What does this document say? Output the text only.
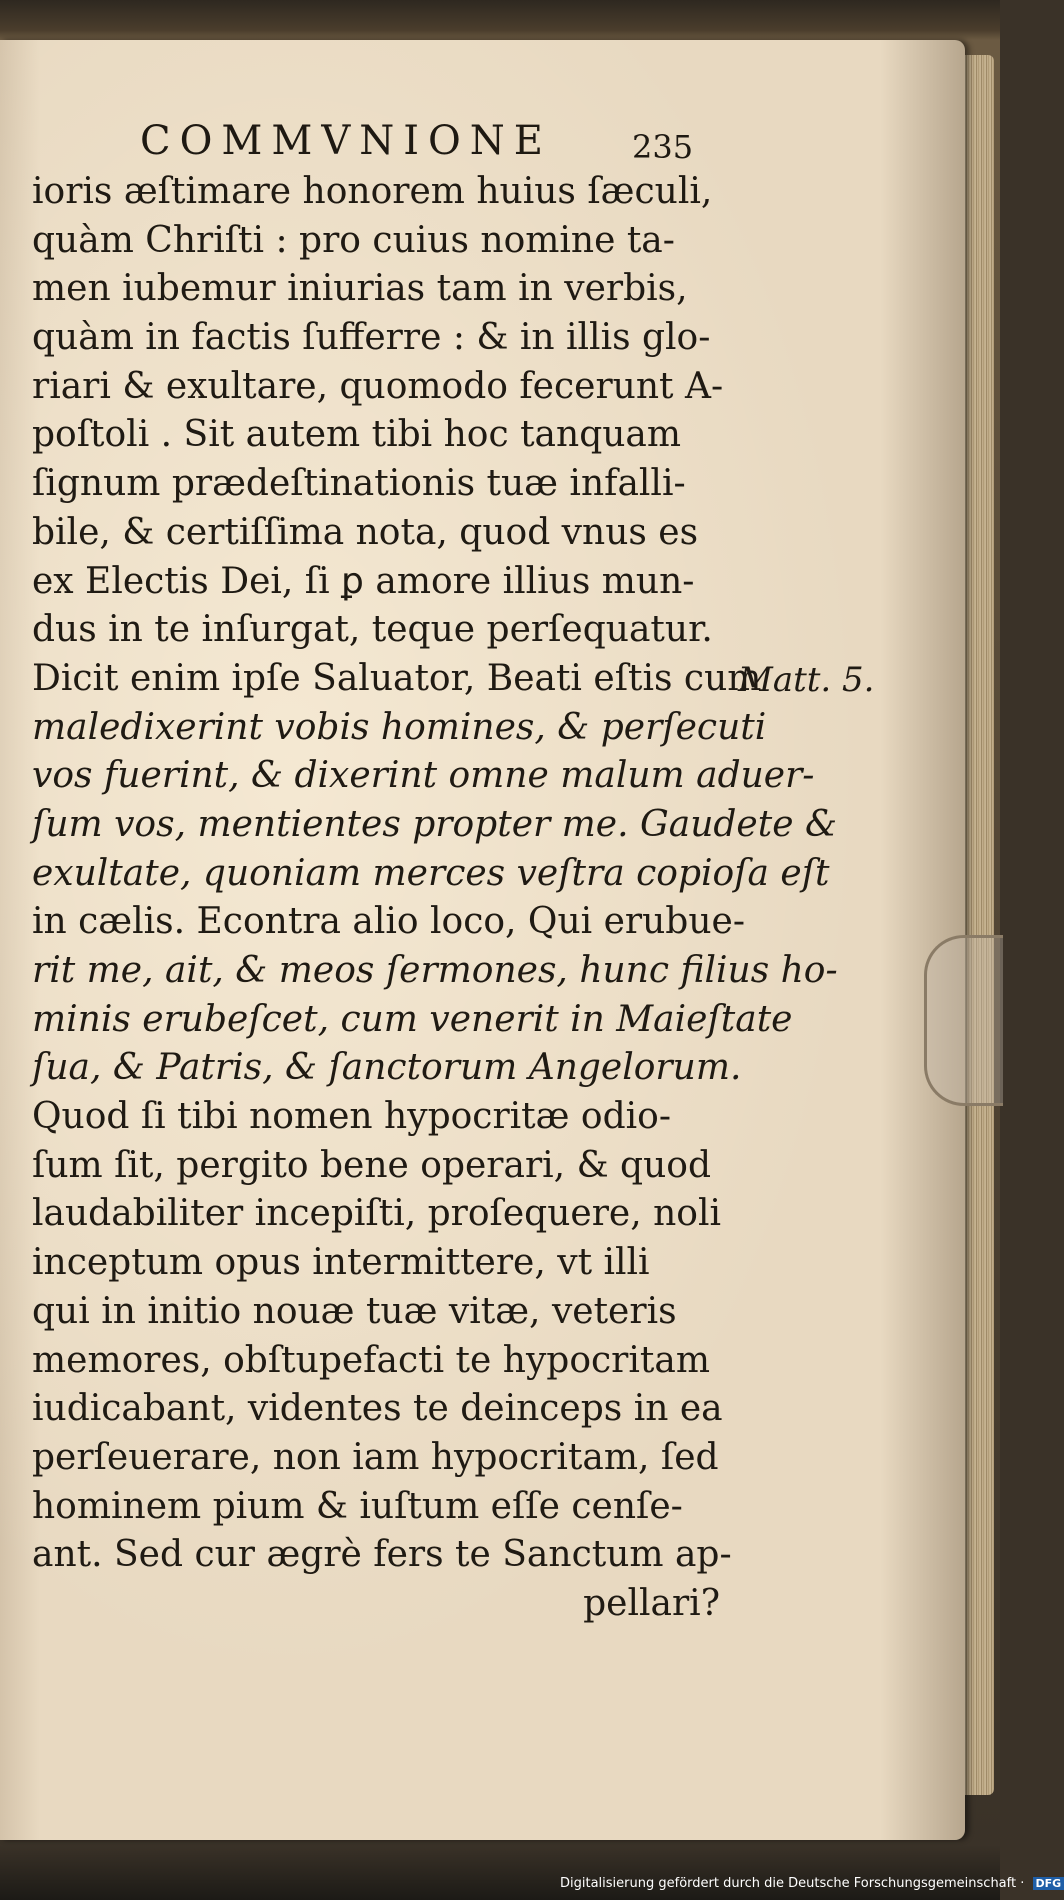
COMMVNIONE	235
ioris æſtimare honorem huius ſæculi,
quàm Chriſti : pro cuius nomine ta-
men iubemur iniurias tam in verbis,
quàm in factis ſufferre : & in illis glo-
riari & exultare, quomodo fecerunt A-
poſtoli . Sit autem tibi hoc tanquam
ſignum prædeſtinationis tuæ infalli-
bile, & certiſſima nota, quod vnus es
ex Electis Dei, ſi ꝑ amore illius mun-
dus in te inſurgat, teque perſequatur.
Dicit enim ipſe Saluator, Beati eſtis cum
maledixerint vobis homines, & perſecuti
vos fuerint, & dixerint omne malum aduer-
ſum vos, mentientes propter me. Gaudete &
exultate, quoniam merces veſtra copioſa eſt
in cælis. Econtra alio loco, Qui erubue-
rit me, ait, & meos ſermones, hunc filius ho-
minis erubeſcet, cum venerit in Maieſtate
ſua, & Patris, & ſanctorum Angelorum.
Quod ſi tibi nomen hypocritæ odio-
ſum ſit, pergito bene operari, & quod
laudabiliter incepiſti, proſequere, noli
inceptum opus intermittere, vt illi
qui in initio nouæ tuæ vitæ, veteris
memores, obſtupefacti te hypocritam
iudicabant, videntes te deinceps in ea
perſeuerare, non iam hypocritam, ſed
hominem pium & iuſtum eſſe cenſe-
ant. Sed cur ægrè fers te Sanctum ap-
pellari?
Matt. 5.
Digitalisierung gefördert durch die Deutsche Forschungsgemeinschaft · DFG
